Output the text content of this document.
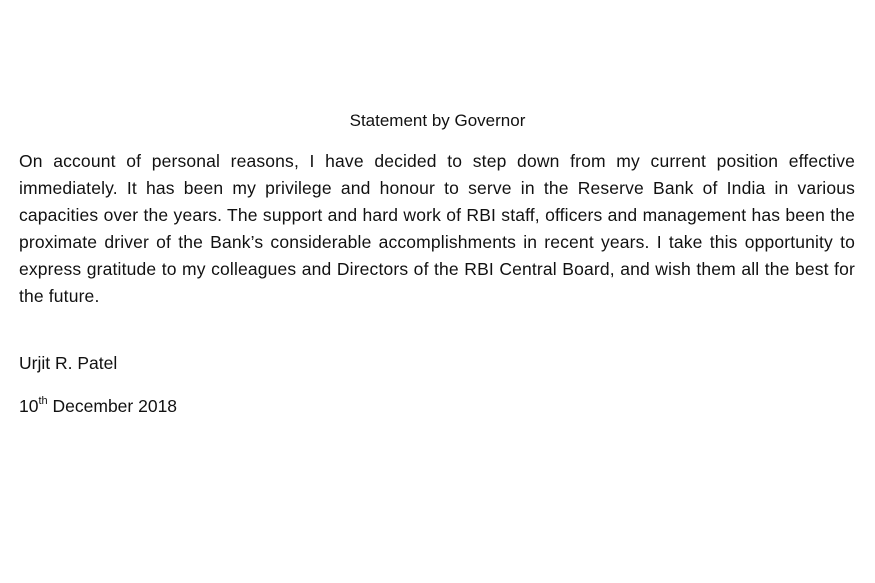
Statement by Governor

On account of personal reasons, I have decided to step down from my current position effective immediately. It has been my privilege and honour to serve in the Reserve Bank of India in various capacities over the years. The support and hard work of RBI staff, officers and management has been the proximate driver of the Bank’s considerable accomplishments in recent years. I take this opportunity to express gratitude to my colleagues and Directors of the RBI Central Board, and wish them all the best for the future.

Urjit R. Patel
10th December 2018
